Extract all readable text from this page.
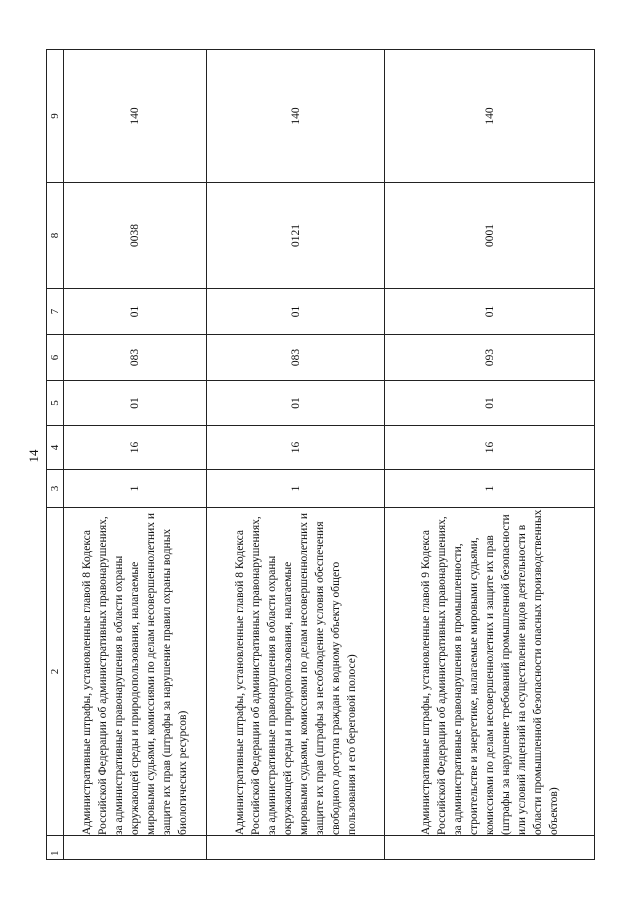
14
1	2	3	4	5	6	7	8	9
	Административные штрафы, установленные главой 8 Кодекса Российской Федерации об административных правонарушениях, за административные правонарушения в области охраны окружающей среды и природопользования, налагаемые мировыми судьями, комиссиями по делам несовершеннолетних и защите их прав (штрафы за нарушение правил охраны водных биологических ресурсов)	1	16	01	083	01	0038	140
	Административные штрафы, установленные главой 8 Кодекса Российской Федерации об административных правонарушениях, за административные правонарушения в области охраны окружающей среды и природопользования, налагаемые мировыми судьями, комиссиями по делам несовершеннолетних и защите их прав (штрафы за несоблюдение условия обеспечения свободного доступа граждан к водному объекту общего пользования и его береговой полосе)	1	16	01	083	01	0121	140
	Административные штрафы, установленные главой 9 Кодекса Российской Федерации об административных правонарушениях, за административные правонарушения в промышленности, строительстве и энергетике, налагаемые мировыми судьями, комиссиями по делам несовершеннолетних и защите их прав (штрафы за нарушение требований промышленной безопасности или условий лицензий на осуществление видов деятельности в области промышленной безопасности опасных производственных объектов)	1	16	01	093	01	0001	140
